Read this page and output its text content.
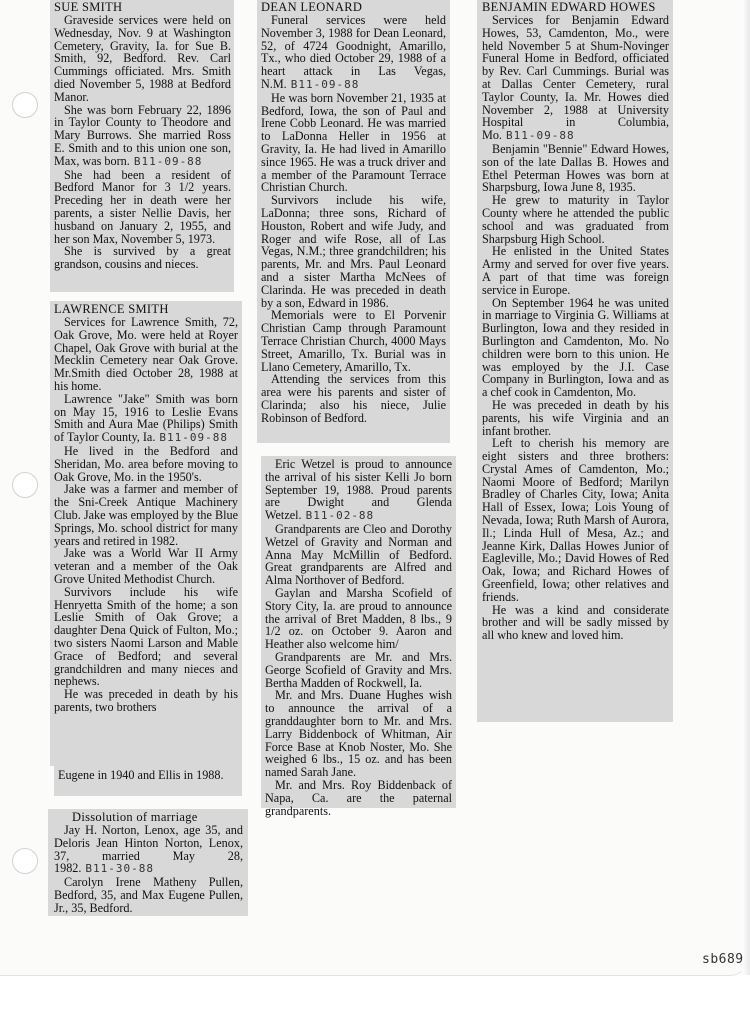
SUE SMITH

Graveside services were held on Wednesday, Nov. 9 at Washington Cemetery, Gravity, Ia. for Sue B. Smith, 92, Bedford. Rev. Carl Cummings officiated. Mrs. Smith died November 5, 1988 at Bedford Manor.

She was born February 22, 1896 in Taylor County to Theodore and Mary Burrows. She married Ross E. Smith and to this union one son, Max, was born. B11-09-88

She had been a resident of Bedford Manor for 3 1/2 years. Preceding her in death were her parents, a sister Nellie Davis, her husband on January 2, 1955, and her son Max, November 5, 1973.

She is survived by a great grandson, cousins and nieces.

LAWRENCE SMITH

Services for Lawrence Smith, 72, Oak Grove, Mo. were held at Royer Chapel, Oak Grove with burial at the Mecklin Cemetery near Oak Grove. Mr.Smith died October 28, 1988 at his home.

Lawrence "Jake" Smith was born on May 15, 1916 to Leslie Evans Smith and Aura Mae (Philips) Smith of Taylor County, Ia. B11-09-88

He lived in the Bedford and Sheridan, Mo. area before moving to Oak Grove, Mo. in the 1950's.

Jake was a farmer and member of the Sni-Creek Antique Machinery Club. Jake was employed by the Blue Springs, Mo. school district for many years and retired in 1982.

Jake was a World War II Army veteran and a member of the Oak Grove United Methodist Church.

Survivors include his wife Henryetta Smith of the home; a son Leslie Smith of Oak Grove; a daughter Dena Quick of Fulton, Mo.; two sisters Naomi Larson and Mable Grace of Bedford; and several grandchildren and many nieces and nephews.

He was preceded in death by his parents, two brothers

Eugene in 1940 and Ellis in 1988.

Dissolution of marriage

Jay H. Norton, Lenox, age 35, and Deloris Jean Hinton Norton, Lenox, 37, married May 28, 1982. B11-30-88

Carolyn Irene Matheny Pullen, Bedford, 35, and Max Eugene Pullen, Jr., 35, Bedford.

DEAN LEONARD

Funeral services were held November 3, 1988 for Dean Leonard, 52, of 4724 Goodnight, Amarillo, Tx., who died October 29, 1988 of a heart attack in Las Vegas, N.M. B11-09-88

He was born November 21, 1935 at Bedford, Iowa, the son of Paul and Irene Cobb Leonard. He was married to LaDonna Heller in 1956 at Gravity, Ia. He had lived in Amarillo since 1965. He was a truck driver and a member of the Paramount Terrace Christian Church.

Survivors include his wife, LaDonna; three sons, Richard of Houston, Robert and wife Judy, and Roger and wife Rose, all of Las Vegas, N.M.; three grandchildren; his parents, Mr. and Mrs. Paul Leonard and a sister Martha McNees of Clarinda. He was preceded in death by a son, Edward in 1986.

Memorials were to El Porvenir Christian Camp through Paramount Terrace Christian Church, 4000 Mays Street, Amarillo, Tx. Burial was in Llano Cemetery, Amarillo, Tx.

Attending the services from this area were his parents and sister of Clarinda; also his niece, Julie Robinson of Bedford.

Eric Wetzel is proud to announce the arrival of his sister Kelli Jo born September 19, 1988. Proud parents are Dwight and Glenda Wetzel. B11-02-88

Grandparents are Cleo and Dorothy Wetzel of Gravity and Norman and Anna May McMillin of Bedford. Great grandparents are Alfred and Alma Northover of Bedford.

Gaylan and Marsha Scofield of Story City, Ia. are proud to announce the arrival of Bret Madden, 8 lbs., 9 1/2 oz. on October 9. Aaron and Heather also welcome him/

Grandparents are Mr. and Mrs. George Scofield of Gravity and Mrs. Bertha Madden of Rockwell, Ia.

Mr. and Mrs. Duane Hughes wish to announce the arrival of a granddaughter born to Mr. and Mrs. Larry Biddenbock of Whitman, Air Force Base at Knob Noster, Mo. She weighed 6 lbs., 15 oz. and has been named Sarah Jane.

Mr. and Mrs. Roy Biddenback of Napa, Ca. are the paternal grandparents.

BENJAMIN EDWARD HOWES

Services for Benjamin Edward Howes, 53, Camdenton, Mo., were held November 5 at Shum-Novinger Funeral Home in Bedford, officiated by Rev. Carl Cummings. Burial was at Dallas Center Cemetery, rural Taylor County, Ia. Mr. Howes died November 2, 1988 at University Hospital in Columbia, Mo. B11-09-88

Benjamin "Bennie" Edward Howes, son of the late Dallas B. Howes and Ethel Peterman Howes was born at Sharpsburg, Iowa June 8, 1935.

He grew to maturity in Taylor County where he attended the public school and was graduated from Sharpsburg High School.

He enlisted in the United States Army and served for over five years. A part of that time was foreign service in Europe.

On September 1964 he was united in marriage to Virginia G. Williams at Burlington, Iowa and they resided in Burlington and Camdenton, Mo. No children were born to this union. He was employed by the J.I. Case Company in Burlington, Iowa and as a chef cook in Camdenton, Mo.

He was preceded in death by his parents, his wife Virginia and an infant brother.

Left to cherish his memory are eight sisters and three brothers: Crystal Ames of Camdenton, Mo.; Naomi Moore of Bedford; Marilyn Bradley of Charles City, Iowa; Anita Hall of Essex, Iowa; Lois Young of Nevada, Iowa; Ruth Marsh of Aurora, Il.; Linda Hull of Mesa, Az.; and Jeanne Kirk, Dallas Howes Junior of Eagleville, Mo.; David Howes of Red Oak, Iowa; and Richard Howes of Greenfield, Iowa; other relatives and friends.

He was a kind and considerate brother and will be sadly missed by all who knew and loved him.

sb689
